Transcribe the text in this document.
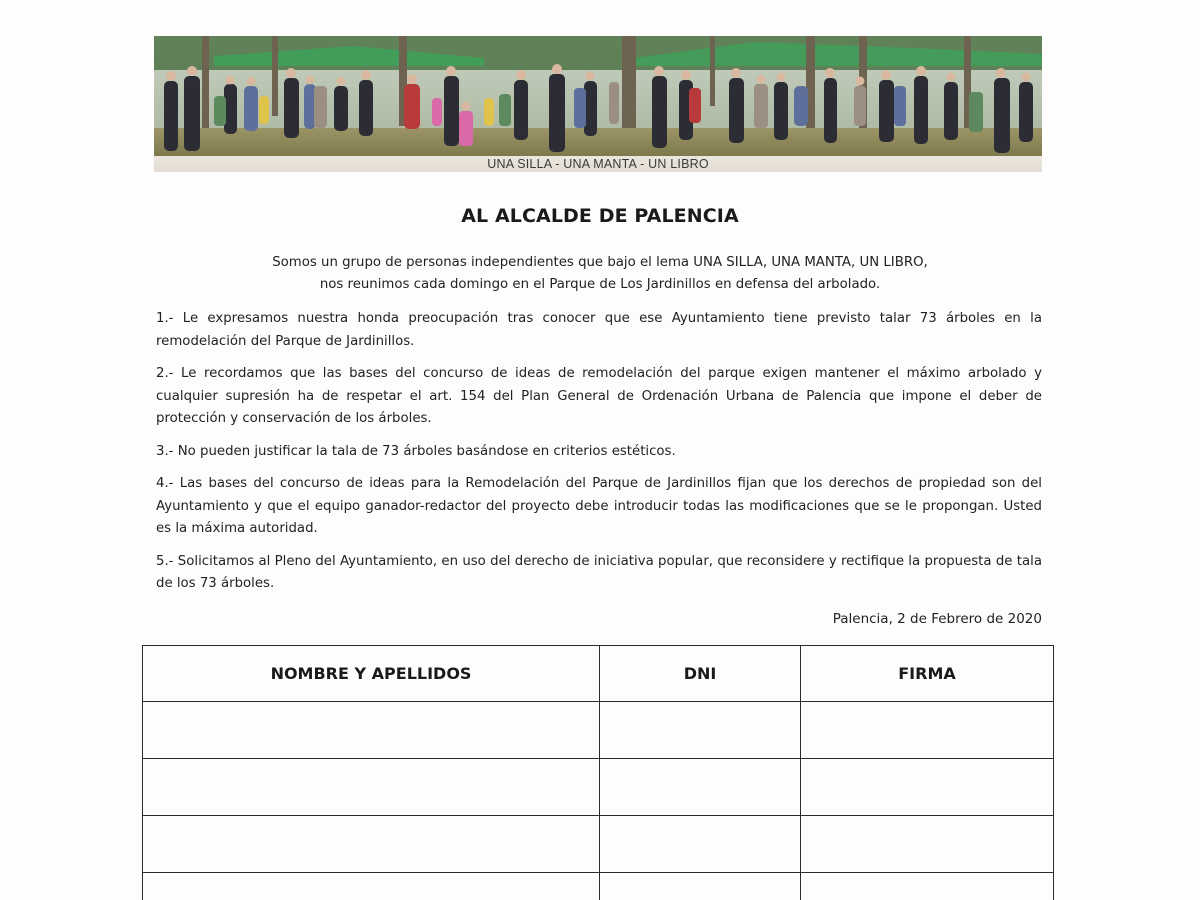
UNA SILLA - UNA MANTA - UN LIBRO
AL ALCALDE DE PALENCIA
Somos un grupo de personas independientes que bajo el lema UNA SILLA, UNA MANTA, UN LIBRO,
nos reunimos cada domingo en el Parque de Los Jardinillos en defensa del arbolado.

1.- Le expresamos nuestra honda preocupación tras conocer que ese Ayuntamiento tiene previsto talar 73 árboles en la remodelación del Parque de Jardinillos.

2.- Le recordamos que las bases del concurso de ideas de remodelación del parque exigen mantener el máximo arbolado y cualquier supresión ha de respetar el art. 154 del Plan General de Ordenación Urbana de Palencia que impone el deber de protección y conservación de los árboles.

3.- No pueden justificar la tala de 73 árboles basándose en criterios estéticos.

4.- Las bases del concurso de ideas para la Remodelación del Parque de Jardinillos fijan que los derechos de propiedad son del Ayuntamiento y que el equipo ganador-redactor del proyecto debe introducir todas las modificaciones que se le propongan. Usted es la máxima autoridad.

5.- Solicitamos al Pleno del Ayuntamiento, en uso del derecho de iniciativa popular, que reconsidere y rectifique la propuesta de tala de los 73 árboles.

Palencia, 2 de Febrero de 2020
NOMBRE Y APELLIDOS	DNI	FIRMA
